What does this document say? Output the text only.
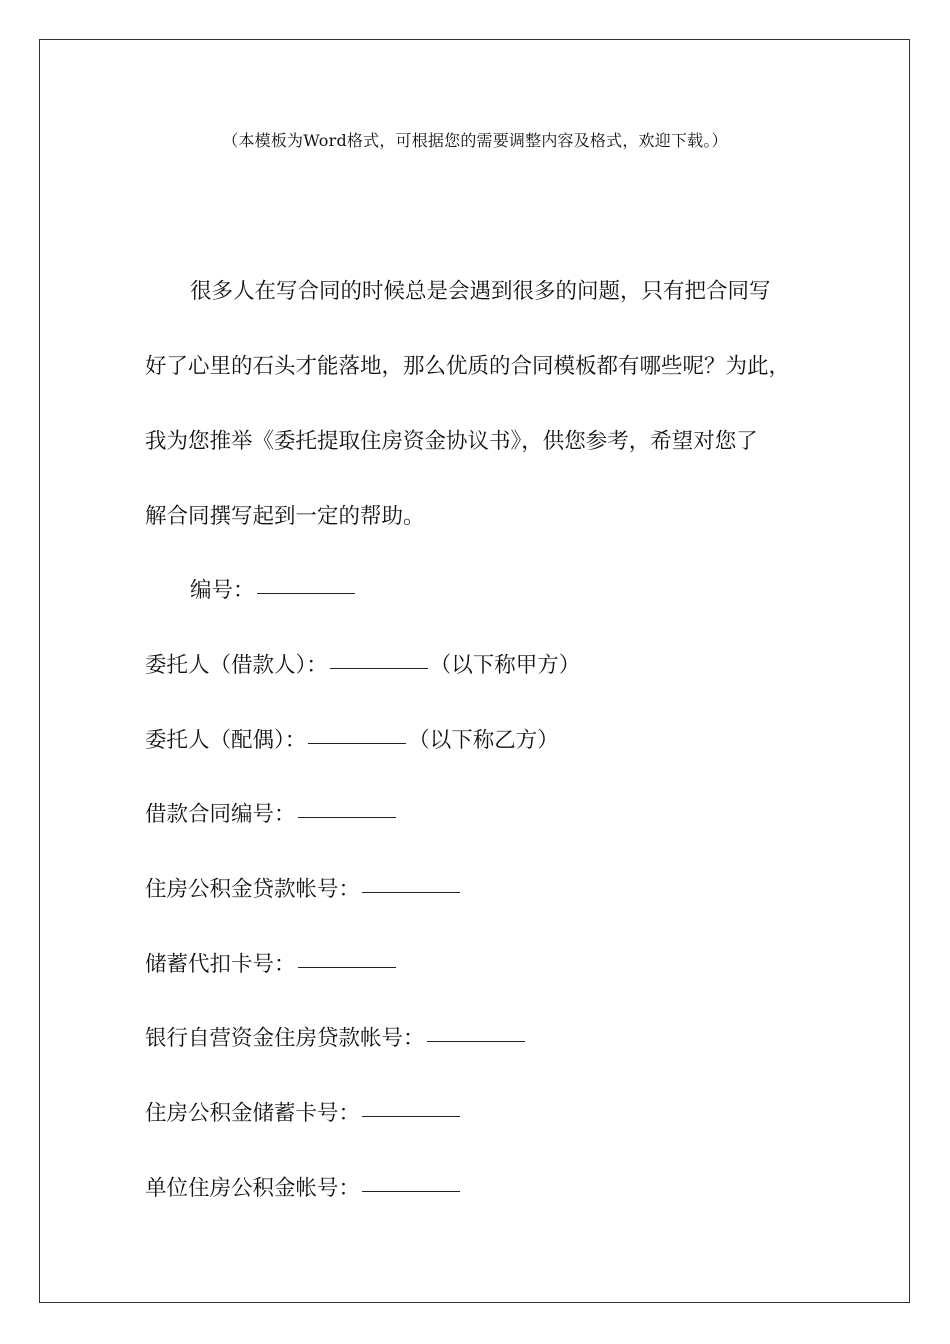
（本模板为Word格式，可根据您的需要调整内容及格式，欢迎下载。）
很多人在写合同的时候总是会遇到很多的问题，只有把合同写
好了心里的石头才能落地，那么优质的合同模板都有哪些呢？为此，
我为您推举《委托提取住房资金协议书》，供您参考，希望对您了
解合同撰写起到一定的帮助。
编号：
委托人（借款人）：	（以下称甲方）
委托人（配偶）：	（以下称乙方）
借款合同编号：
住房公积金贷款帐号：
储蓄代扣卡号：
银行自营资金住房贷款帐号：
住房公积金储蓄卡号：
单位住房公积金帐号：
